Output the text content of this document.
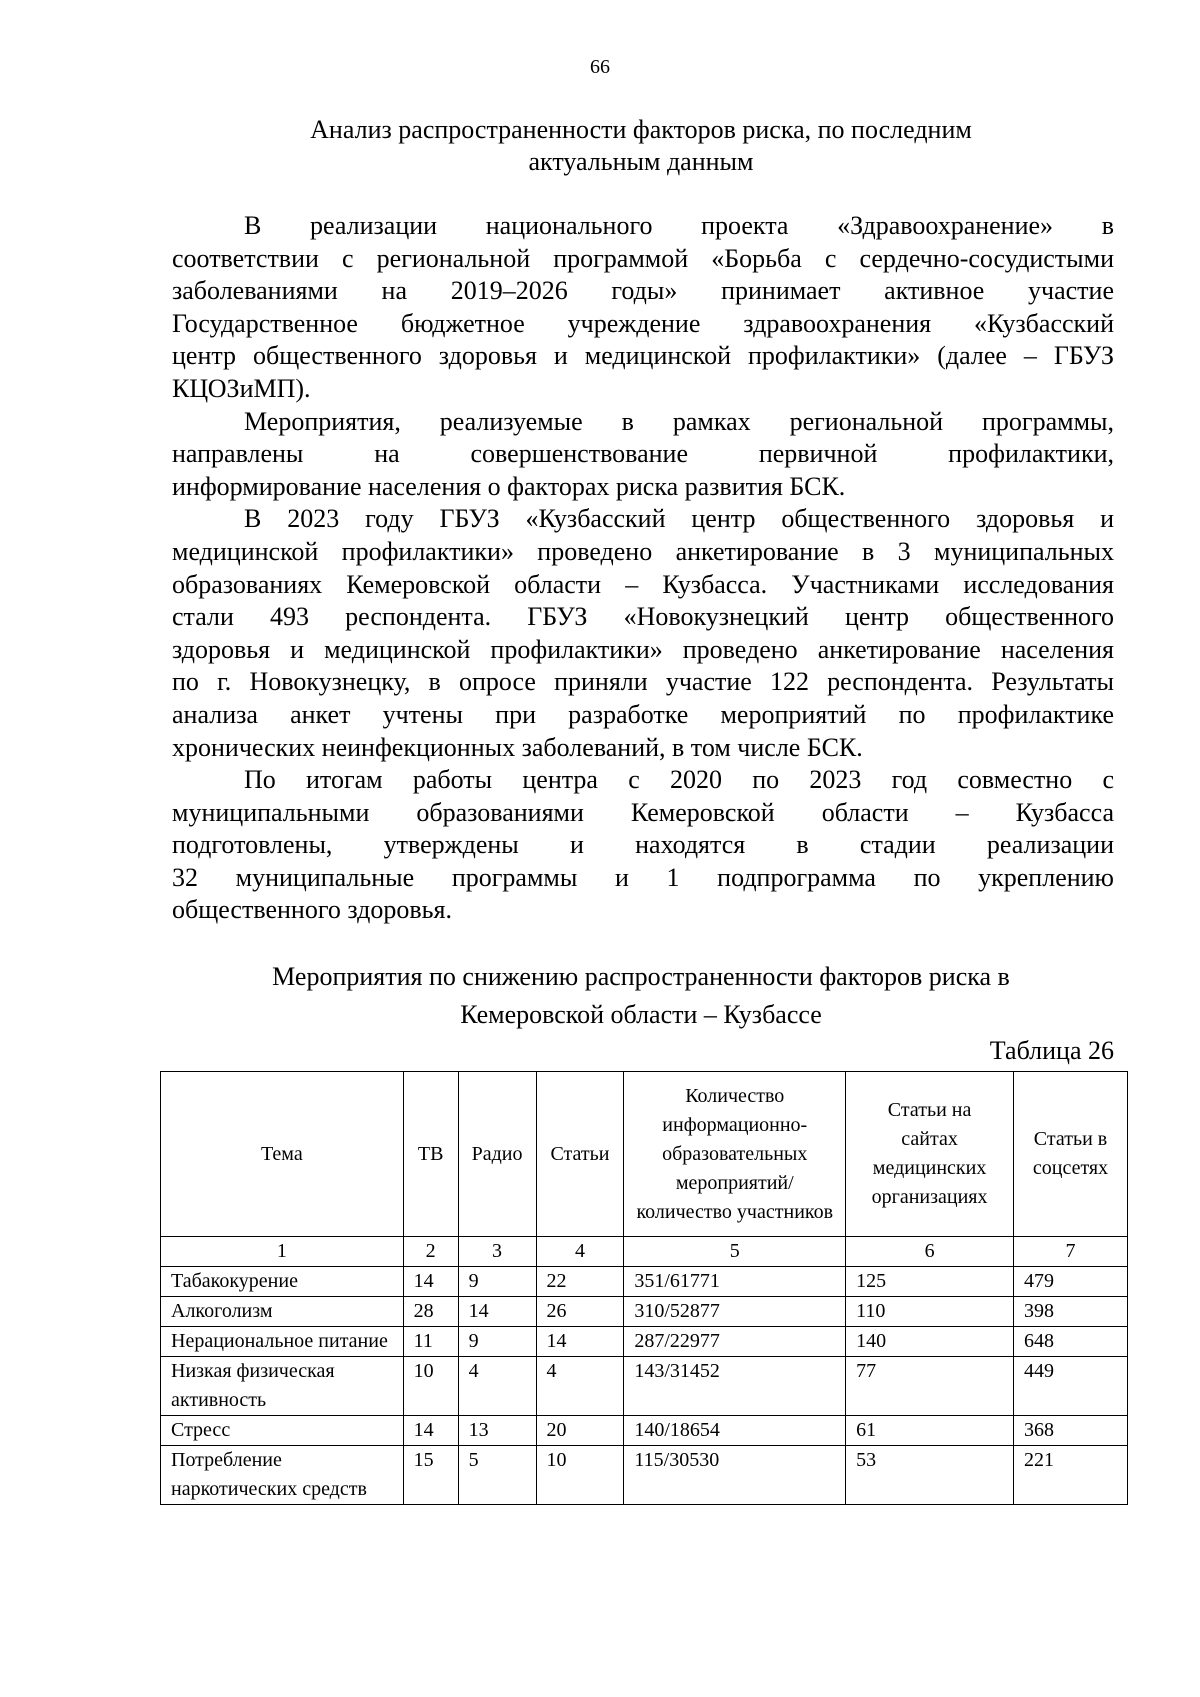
66
Анализ распространенности факторов риска, по последним
актуальным данным
В реализации национального проекта «Здравоохранение» в
соответствии с региональной программой «Борьба с сердечно-сосудистыми
заболеваниями на 2019–2026 годы» принимает активное участие
Государственное бюджетное учреждение здравоохранения «Кузбасский
центр общественного здоровья и медицинской профилактики» (далее – ГБУЗ
КЦОЗиМП).
Мероприятия, реализуемые в рамках региональной программы,
направлены на совершенствование первичной профилактики,
информирование населения о факторах риска развития БСК.
В 2023 году ГБУЗ «Кузбасский центр общественного здоровья и
медицинской профилактики» проведено анкетирование в 3 муниципальных
образованиях Кемеровской области – Кузбасса. Участниками исследования
стали 493 респондента. ГБУЗ «Новокузнецкий центр общественного
здоровья и медицинской профилактики» проведено анкетирование населения
по г. Новокузнецку, в опросе приняли участие 122 респондента. Результаты
анализа анкет учтены при разработке мероприятий по профилактике
хронических неинфекционных заболеваний, в том числе БСК.
По итогам работы центра с 2020 по 2023 год совместно с
муниципальными образованиями Кемеровской области – Кузбасса
подготовлены, утверждены и находятся в стадии реализации
32 муниципальные программы и 1 подпрограмма по укреплению
общественного здоровья.
Мероприятия по снижению распространенности факторов риска в
Кемеровской области – Кузбассе
Таблица 26
Тема	ТВ	Радио	Статьи	Количество информационно-образовательных мероприятий/ количество участников	Статьи на сайтах медицинских организациях	Статьи в соцсетях
1	2	3	4	5	6	7
Табакокурение	14	9	22	351/61771	125	479
Алкоголизм	28	14	26	310/52877	110	398
Нерациональное питание	11	9	14	287/22977	140	648
Низкая физическая активность	10	4	4	143/31452	77	449
Стресс	14	13	20	140/18654	61	368
Потребление наркотических средств	15	5	10	115/30530	53	221
